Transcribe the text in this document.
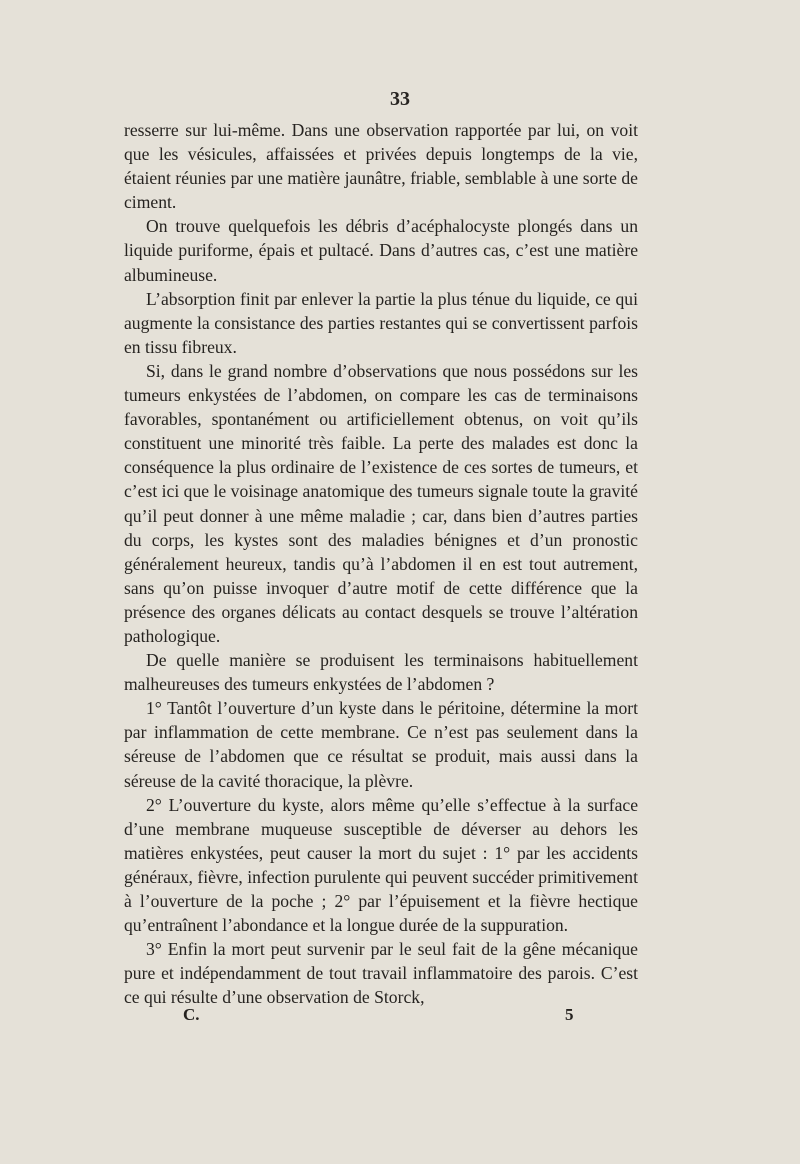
33

resserre sur lui-même. Dans une observation rapportée par lui, on voit que les vésicules, affaissées et privées depuis longtemps de la vie, étaient réunies par une matière jaunâtre, friable, semblable à une sorte de ciment.

On trouve quelquefois les débris d’acéphalocyste plongés dans un liquide puriforme, épais et pultacé. Dans d’autres cas, c’est une matière albumineuse.

L’absorption finit par enlever la partie la plus ténue du liquide, ce qui augmente la consistance des parties restantes qui se convertissent parfois en tissu fibreux.

Si, dans le grand nombre d’observations que nous possédons sur les tumeurs enkystées de l’abdomen, on compare les cas de terminaisons favorables, spontanément ou artificiellement obtenus, on voit qu’ils constituent une minorité très faible. La perte des malades est donc la conséquence la plus ordinaire de l’existence de ces sortes de tumeurs, et c’est ici que le voisinage anatomique des tumeurs signale toute la gravité qu’il peut donner à une même maladie ; car, dans bien d’autres parties du corps, les kystes sont des maladies bénignes et d’un pronostic généralement heureux, tandis qu’à l’abdomen il en est tout autrement, sans qu’on puisse invoquer d’autre motif de cette différence que la présence des organes délicats au contact desquels se trouve l’altération pathologique.

De quelle manière se produisent les terminaisons habituellement malheureuses des tumeurs enkystées de l’abdomen ?

1° Tantôt l’ouverture d’un kyste dans le péritoine, détermine la mort par inflammation de cette membrane. Ce n’est pas seulement dans la séreuse de l’abdomen que ce résultat se produit, mais aussi dans la séreuse de la cavité thoracique, la plèvre.

2° L’ouverture du kyste, alors même qu’elle s’effectue à la surface d’une membrane muqueuse susceptible de déverser au dehors les matières enkystées, peut causer la mort du sujet : 1° par les accidents généraux, fièvre, infection purulente qui peuvent succéder primitivement à l’ouverture de la poche ; 2° par l’épuisement et la fièvre hectique qu’entraînent l’abondance et la longue durée de la suppuration.

3° Enfin la mort peut survenir par le seul fait de la gêne mécanique pure et indépendamment de tout travail inflammatoire des parois. C’est ce qui résulte d’une observation de Storck,

C.	5
